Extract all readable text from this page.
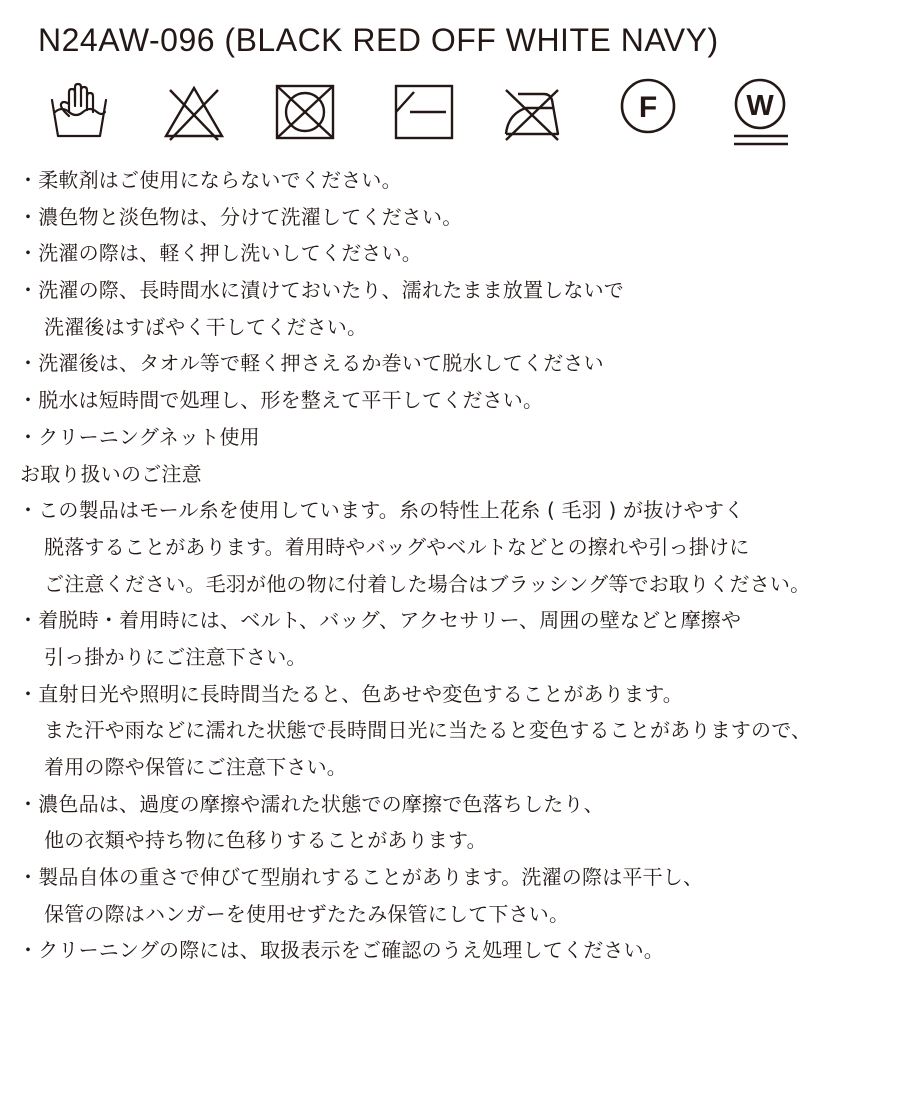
N24AW-096 (BLACK RED OFF WHITE NAVY)
F	W
・柔軟剤はご使用にならないでください。
・濃色物と淡色物は、分けて洗濯してください。
・洗濯の際は、軽く押し洗いしてください。
・洗濯の際、長時間水に漬けておいたり、濡れたまま放置しないで
洗濯後はすばやく干してください。
・洗濯後は、タオル等で軽く押さえるか巻いて脱水してください
・脱水は短時間で処理し、形を整えて平干してください。
・クリーニングネット使用
お取り扱いのご注意
・この製品はモール糸を使用しています。糸の特性上花糸 ( 毛羽 ) が抜けやすく
脱落することがあります。着用時やバッグやベルトなどとの擦れや引っ掛けに
ご注意ください。毛羽が他の物に付着した場合はブラッシング等でお取りください。
・着脱時・着用時には、ベルト、バッグ、アクセサリー、周囲の壁などと摩擦や
引っ掛かりにご注意下さい。
・直射日光や照明に長時間当たると、色あせや変色することがあります。
また汗や雨などに濡れた状態で長時間日光に当たると変色することがありますので、
着用の際や保管にご注意下さい。
・濃色品は、過度の摩擦や濡れた状態での摩擦で色落ちしたり、
他の衣類や持ち物に色移りすることがあります。
・製品自体の重さで伸びて型崩れすることがあります。洗濯の際は平干し、
保管の際はハンガーを使用せずたたみ保管にして下さい。
・クリーニングの際には、取扱表示をご確認のうえ処理してください。
